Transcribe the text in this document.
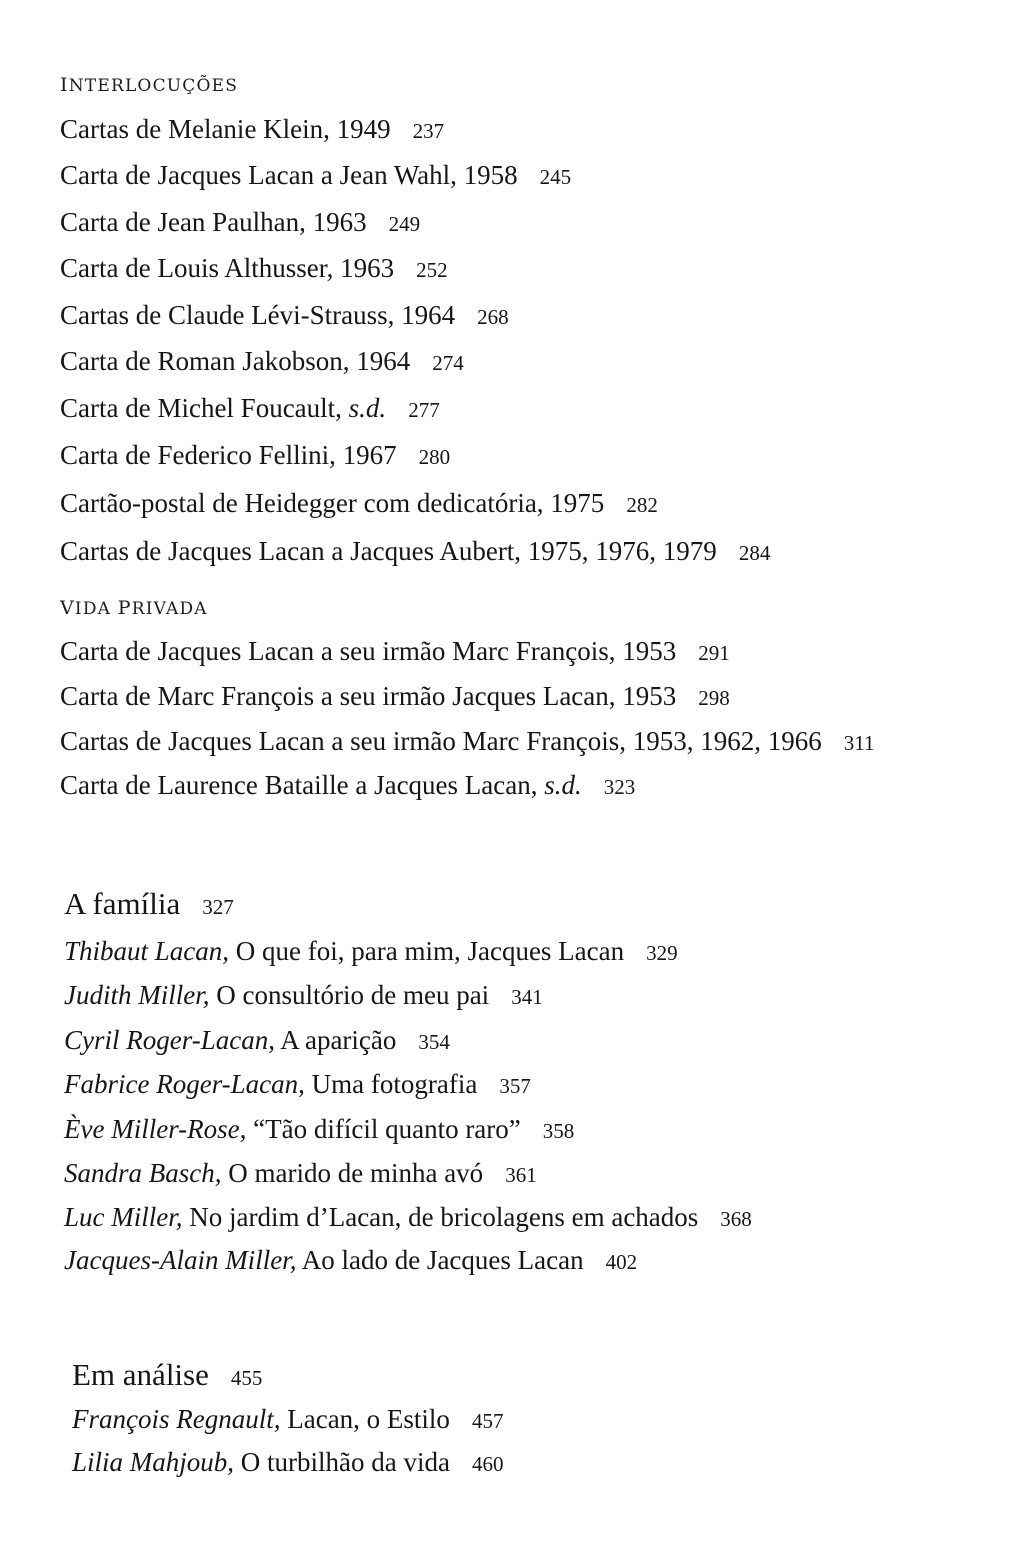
INTERLOCUÇÕES
Cartas de Melanie Klein, 1949 237
Carta de Jacques Lacan a Jean Wahl, 1958 245
Carta de Jean Paulhan, 1963 249
Carta de Louis Althusser, 1963 252
Cartas de Claude Lévi-Strauss, 1964 268
Carta de Roman Jakobson, 1964 274
Carta de Michel Foucault, s.d. 277
Carta de Federico Fellini, 1967 280
Cartão-postal de Heidegger com dedicatória, 1975 282
Cartas de Jacques Lacan a Jacques Aubert, 1975, 1976, 1979 284
VIDA PRIVADA
Carta de Jacques Lacan a seu irmão Marc François, 1953 291
Carta de Marc François a seu irmão Jacques Lacan, 1953 298
Cartas de Jacques Lacan a seu irmão Marc François, 1953, 1962, 1966 311
Carta de Laurence Bataille a Jacques Lacan, s.d. 323
A família 327
Thibaut Lacan, O que foi, para mim, Jacques Lacan 329
Judith Miller, O consultório de meu pai 341
Cyril Roger-Lacan, A aparição 354
Fabrice Roger-Lacan, Uma fotografia 357
Ève Miller-Rose, “Tão difícil quanto raro” 358
Sandra Basch, O marido de minha avó 361
Luc Miller, No jardim d’Lacan, de bricolagens em achados 368
Jacques-Alain Miller, Ao lado de Jacques Lacan 402
Em análise 455
François Regnault, Lacan, o Estilo 457
Lilia Mahjoub, O turbilhão da vida 460
